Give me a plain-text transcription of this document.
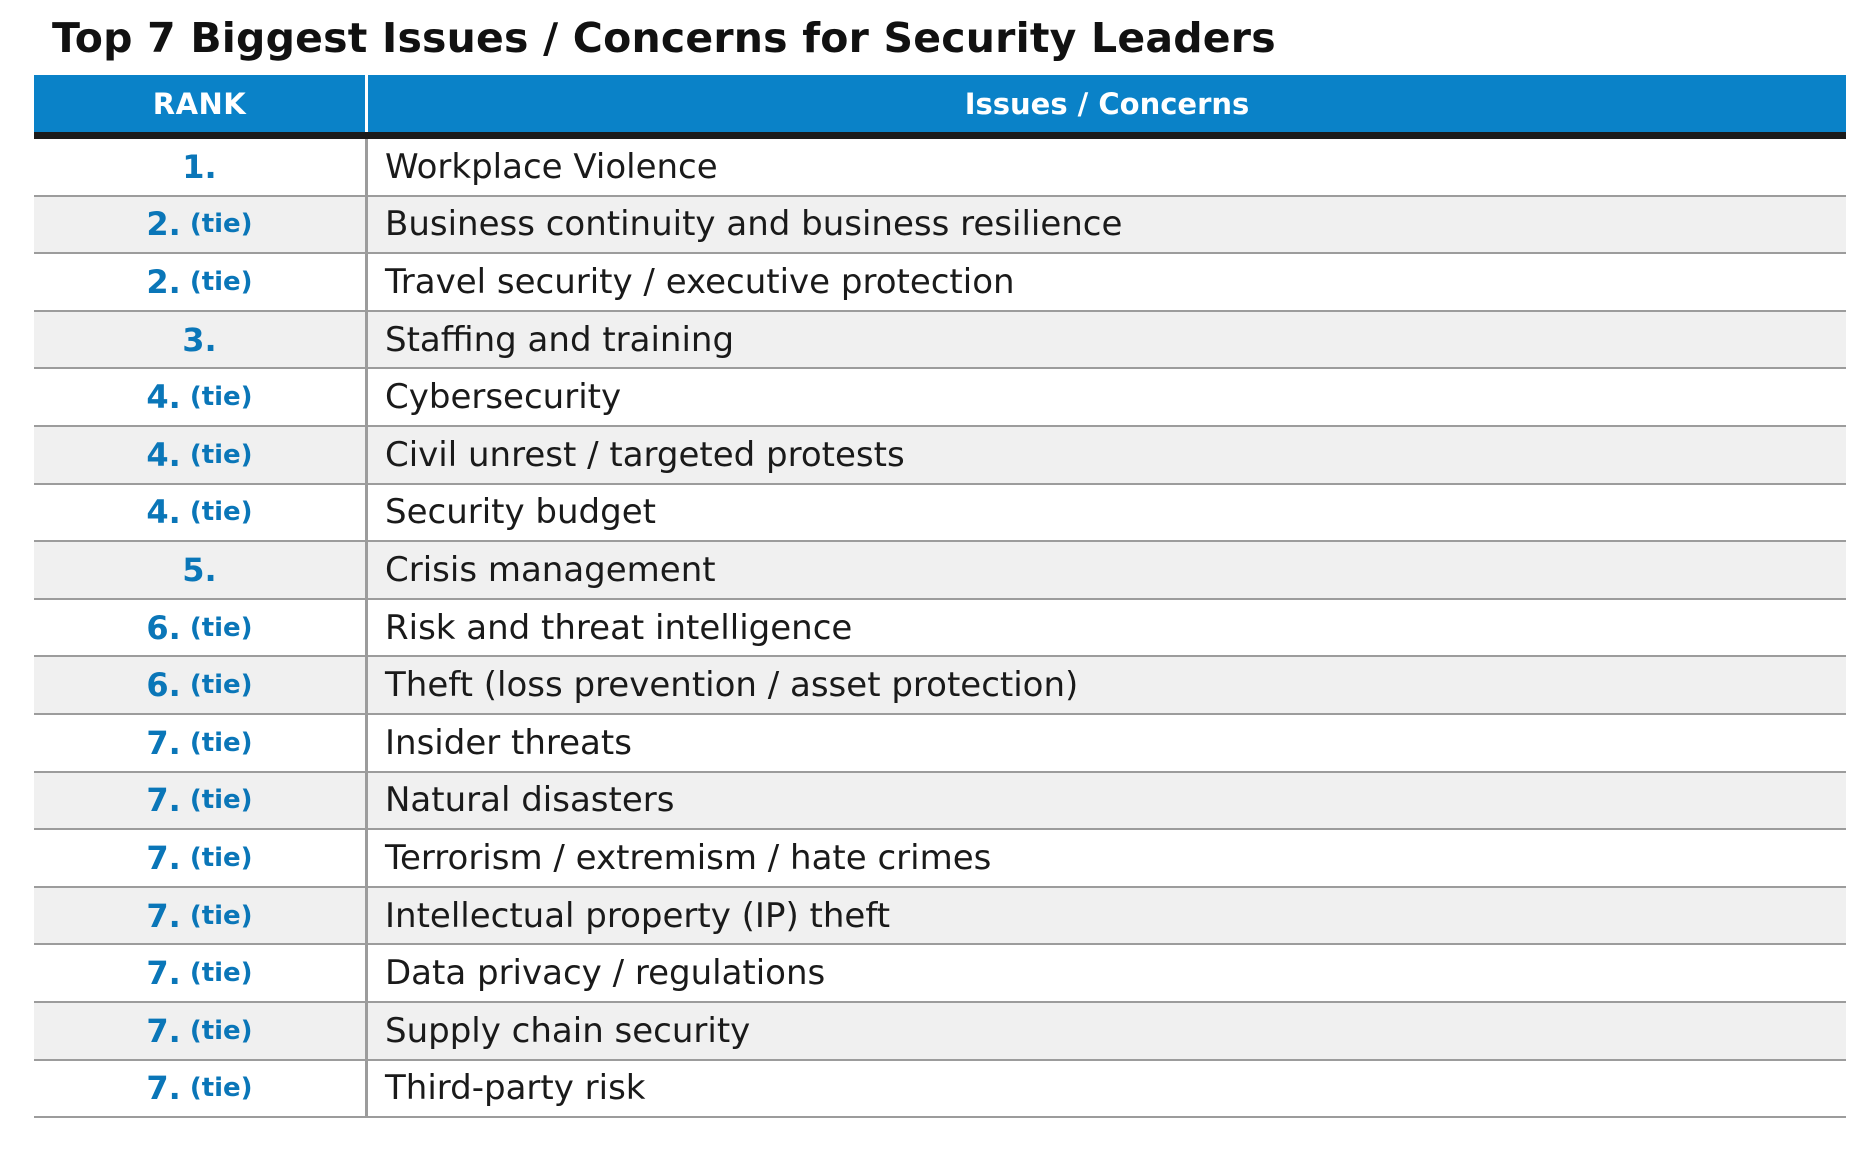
Top 7 Biggest Issues / Concerns for Security Leaders
RANK	Issues / Concerns
1.	Workplace Violence
2. (tie)	Business continuity and business resilience
2. (tie)	Travel security / executive protection
3.	Staffing and training
4. (tie)	Cybersecurity
4. (tie)	Civil unrest / targeted protests
4. (tie)	Security budget
5.	Crisis management
6. (tie)	Risk and threat intelligence
6. (tie)	Theft (loss prevention / asset protection)
7. (tie)	Insider threats
7. (tie)	Natural disasters
7. (tie)	Terrorism / extremism / hate crimes
7. (tie)	Intellectual property (IP) theft
7. (tie)	Data privacy / regulations
7. (tie)	Supply chain security
7. (tie)	Third-party risk
